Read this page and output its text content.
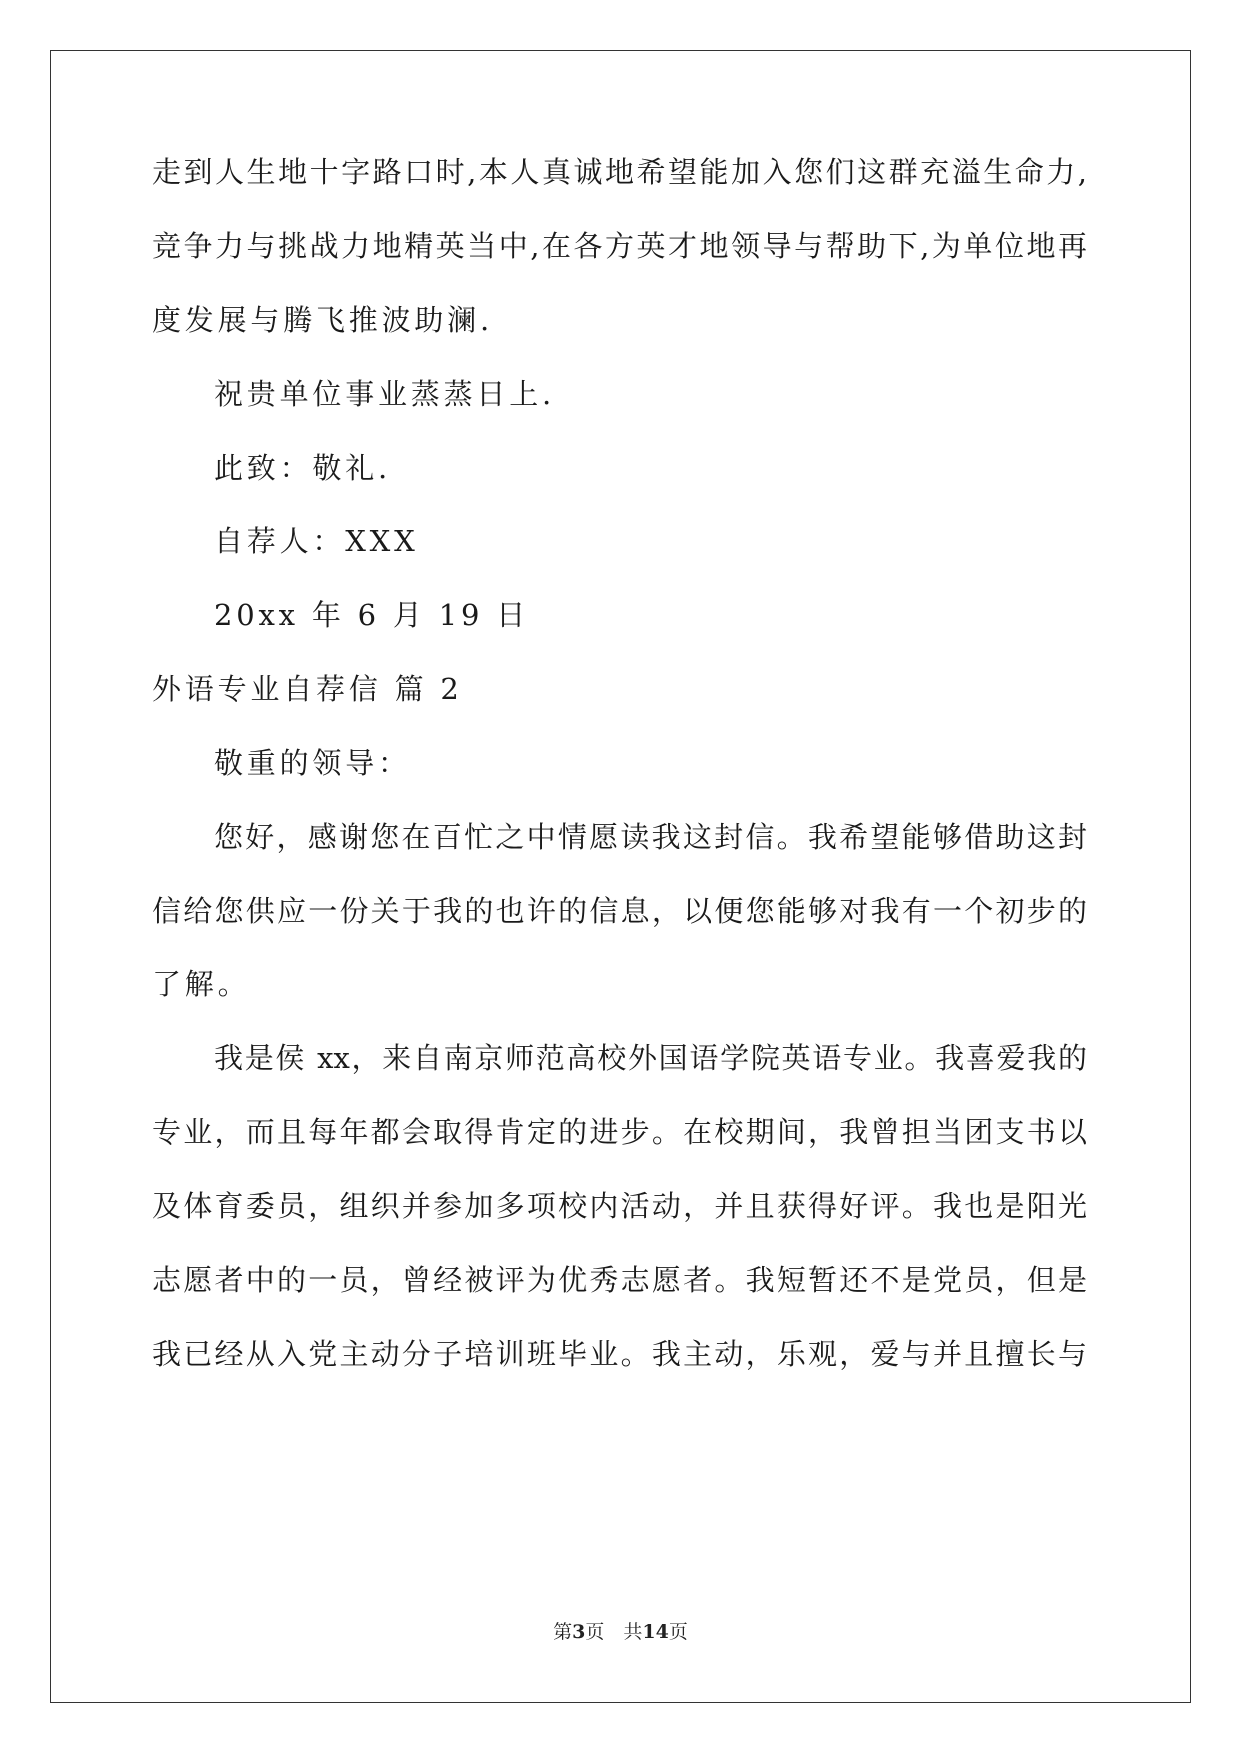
走到人生地十字路口时,本人真诚地希望能加入您们这群充溢生命力,
竞争力与挑战力地精英当中,在各方英才地领导与帮助下,为单位地再
度发展与腾飞推波助澜.
祝贵单位事业蒸蒸日上.
此致：敬礼.
自荐人：XXX
20xx 年 6 月 19 日
外语专业自荐信 篇 2
敬重的领导：
您好，感谢您在百忙之中情愿读我这封信。我希望能够借助这封
信给您供应一份关于我的也许的信息，以便您能够对我有一个初步的
了解。
我是侯 xx，来自南京师范高校外国语学院英语专业。我喜爱我的
专业，而且每年都会取得肯定的进步。在校期间，我曾担当团支书以
及体育委员，组织并参加多项校内活动，并且获得好评。我也是阳光
志愿者中的一员，曾经被评为优秀志愿者。我短暂还不是党员，但是
我已经从入党主动分子培训班毕业。我主动，乐观，爱与并且擅长与
第3页　共14页
